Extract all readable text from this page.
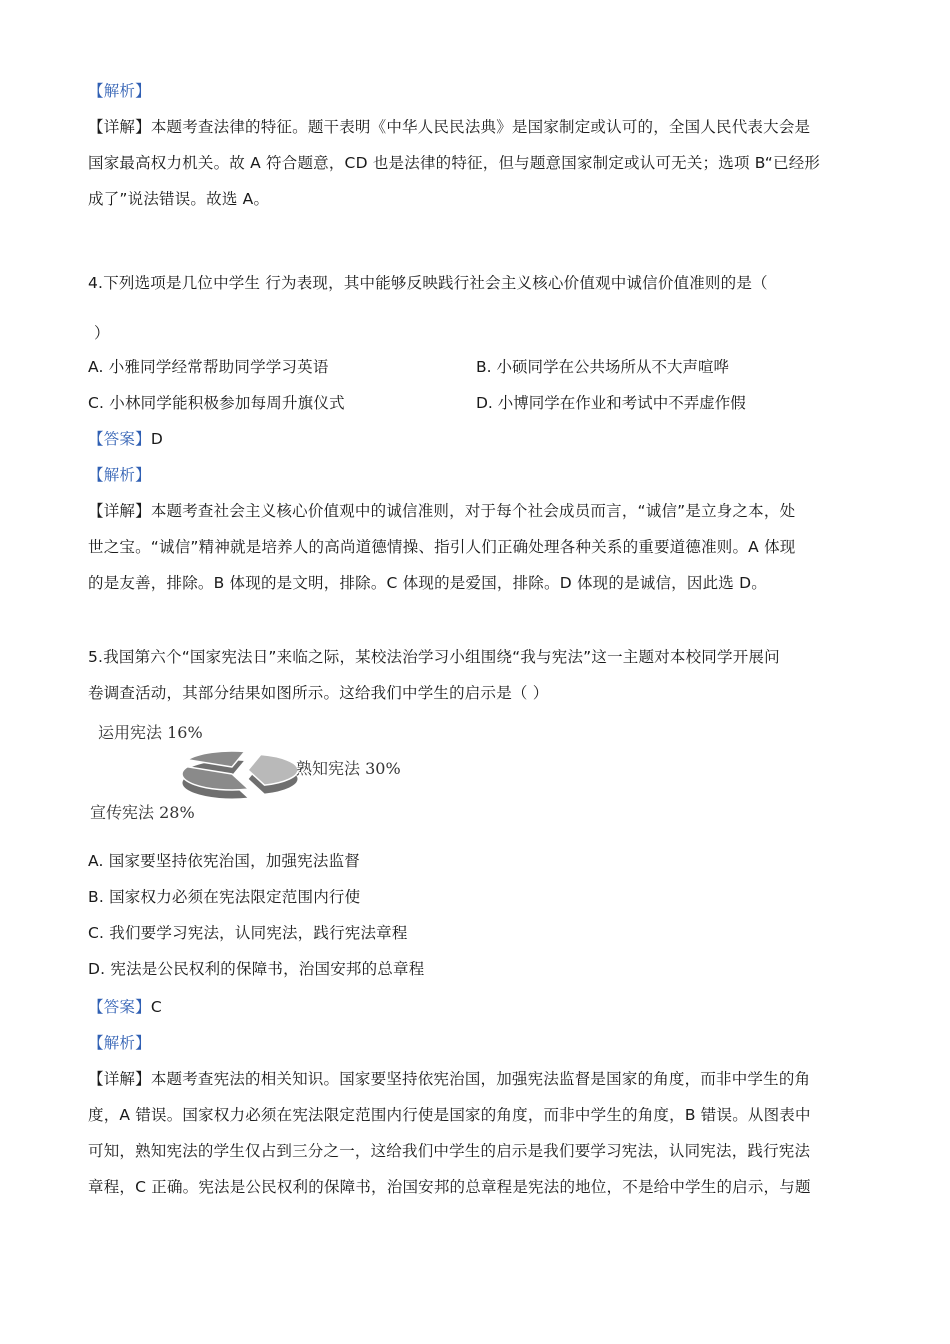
【解析】
【详解】本题考查法律的特征。题干表明《中华人民民法典》是国家制定或认可的，全国人民代表大会是
国家最高权力机关。故 A 符合题意，CD 也是法律的特征，但与题意国家制定或认可无关；选项 B“已经形
成了”说法错误。故选 A。
4.下列选项是几位中学生 行为表现，其中能够反映践行社会主义核心价值观中诚信价值准则的是（
）
A. 小雅同学经常帮助同学学习英语	B. 小硕同学在公共场所从不大声喧哗
C. 小林同学能积极参加每周升旗仪式	D. 小博同学在作业和考试中不弄虚作假
【答案】D
【解析】
【详解】本题考查社会主义核心价值观中的诚信准则，对于每个社会成员而言，“诚信”是立身之本，处
世之宝。“诚信”精神就是培养人的高尚道德情操、指引人们正确处理各种关系的重要道德准则。A 体现
的是友善，排除。B 体现的是文明，排除。C 体现的是爱国，排除。D 体现的是诚信，因此选 D。
5.我国第六个“国家宪法日”来临之际，某校法治学习小组围绕“我与宪法”这一主题对本校同学开展问
卷调查活动，其部分结果如图所示。这给我们中学生的启示是（ ）
运用宪法 16%
熟知宪法 30%
宣传宪法 28%
A. 国家要坚持依宪治国，加强宪法监督
B. 国家权力必须在宪法限定范围内行使
C. 我们要学习宪法，认同宪法，践行宪法章程
D. 宪法是公民权利的保障书，治国安邦的总章程
【答案】C
【解析】
【详解】本题考查宪法的相关知识。国家要坚持依宪治国，加强宪法监督是国家的角度，而非中学生的角
度，A 错误。国家权力必须在宪法限定范围内行使是国家的角度，而非中学生的角度，B 错误。从图表中
可知，熟知宪法的学生仅占到三分之一，这给我们中学生的启示是我们要学习宪法，认同宪法，践行宪法
章程，C 正确。宪法是公民权利的保障书，治国安邦的总章程是宪法的地位，不是给中学生的启示，与题
